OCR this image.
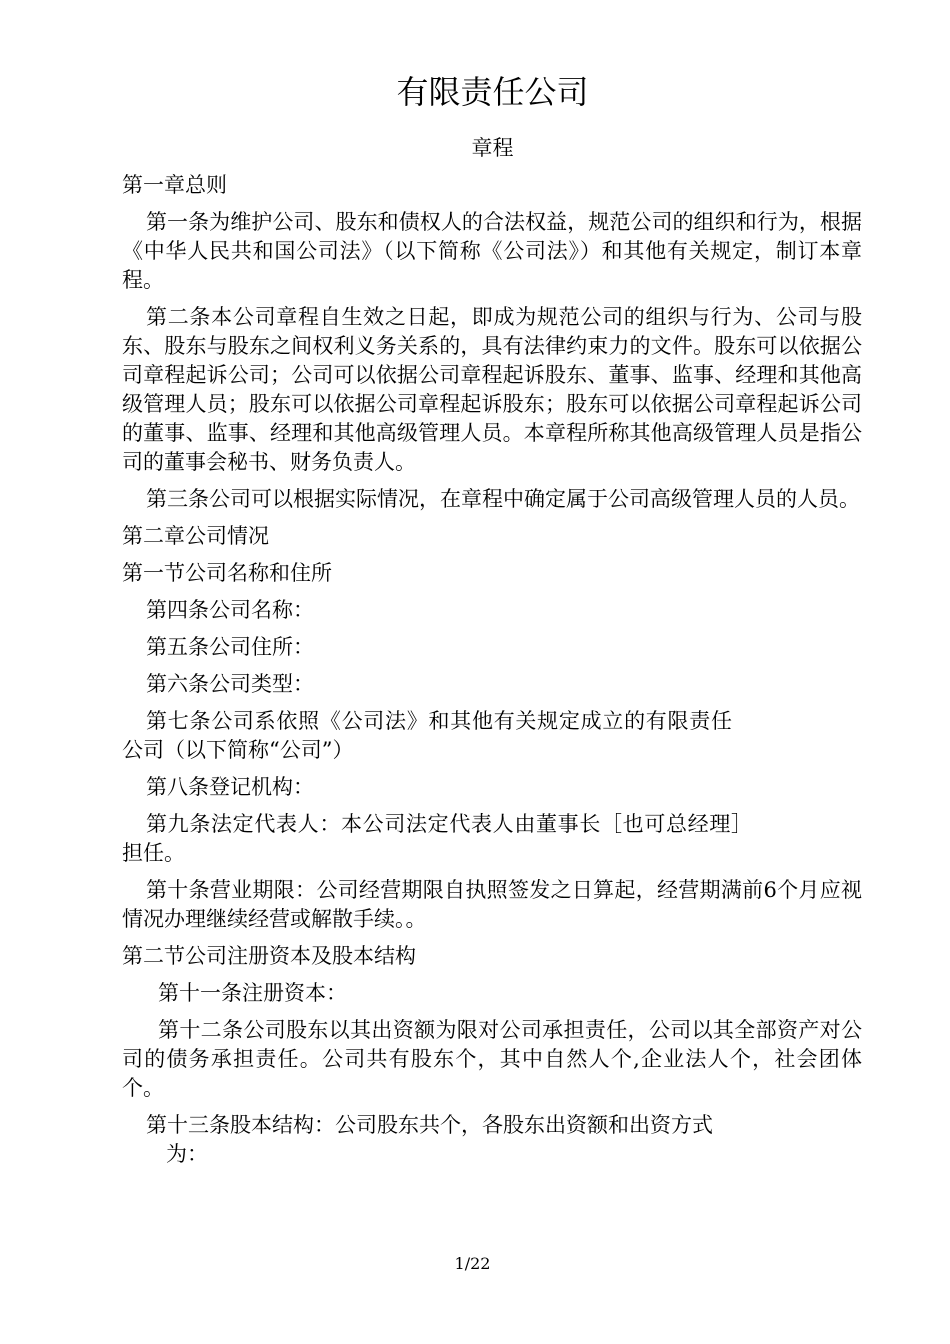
有限责任公司
章程

第一章总则

第一条为维护公司、股东和债权人的合法权益，规范公司的组织和行为，根据《中华人民共和国公司法》（以下简称《公司法》）和其他有关规定，制订本章程。

第二条本公司章程自生效之日起，即成为规范公司的组织与行为、公司与股东、股东与股东之间权利义务关系的，具有法律约束力的文件。股东可以依据公司章程起诉公司；公司可以依据公司章程起诉股东、董事、监事、经理和其他高级管理人员；股东可以依据公司章程起诉股东；股东可以依据公司章程起诉公司的董事、监事、经理和其他高级管理人员。本章程所称其他高级管理人员是指公司的董事会秘书、财务负责人。

第三条公司可以根据实际情况，在章程中确定属于公司高级管理人员的人员。

第二章公司情况

第一节公司名称和住所

第四条公司名称：

第五条公司住所：

第六条公司类型：

第七条公司系依照《公司法》和其他有关规定成立的有限责任公司（以下简称“公司”）

第八条登记机构：

第九条法定代表人：本公司法定代表人由董事长［也可总经理］担任。

第十条营业期限：公司经营期限自执照签发之日算起，经营期满前6个月应视情况办理继续经营或解散手续。。

第二节公司注册资本及股本结构

第十一条注册资本：

第十二条公司股东以其出资额为限对公司承担责任，公司以其全部资产对公司的债务承担责任。公司共有股东个，其中自然人个,企业法人个，社会团体个。

第十三条股本结构：公司股东共个，各股东出资额和出资方式

为：

1/22
